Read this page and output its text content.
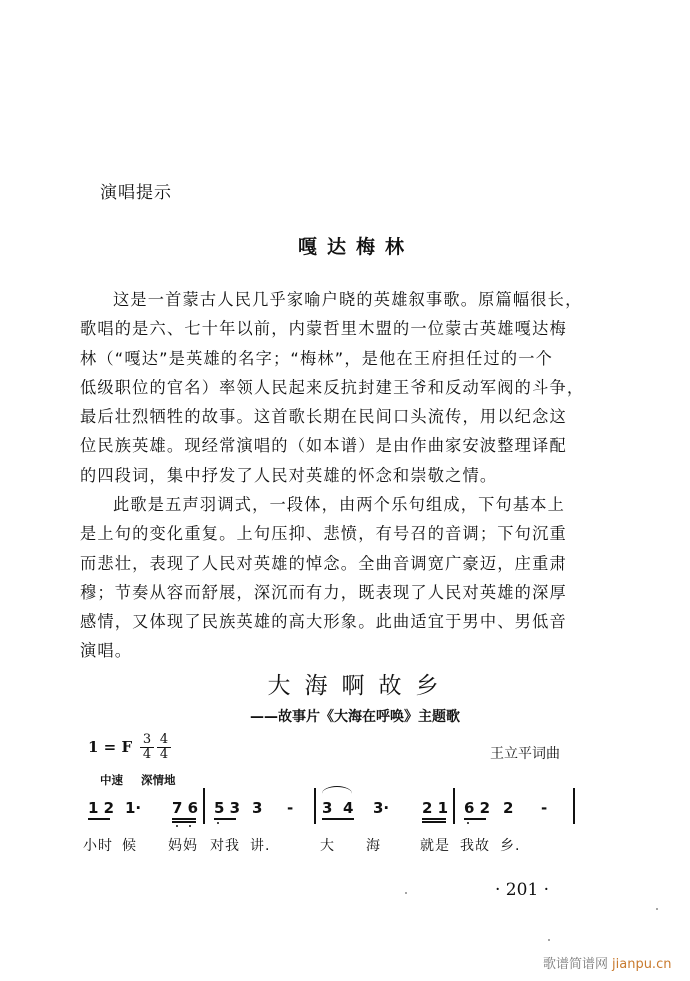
演唱提示
嘎达梅林
这是一首蒙古人民几乎家喻户晓的英雄叙事歌。原篇幅很长，
歌唱的是六、七十年以前，内蒙哲里木盟的一位蒙古英雄嘎达梅
林（“嘎达”是英雄的名字；“梅林”，是他在王府担任过的一个
低级职位的官名）率领人民起来反抗封建王爷和反动军阀的斗争，
最后壮烈牺牲的故事。这首歌长期在民间口头流传，用以纪念这
位民族英雄。现经常演唱的（如本谱）是由作曲家安波整理译配
的四段词，集中抒发了人民对英雄的怀念和崇敬之情。
此歌是五声羽调式，一段体，由两个乐句组成，下句基本上
是上句的变化重复。上句压抑、悲愤，有号召的音调；下句沉重
而悲壮，表现了人民对英雄的悼念。全曲音调宽广豪迈，庄重肃
穆；节奏从容而舒展，深沉而有力，既表现了人民对英雄的深厚
感情，又体现了民族英雄的高大形象。此曲适宜于男中、男低音
演唱。
大海啊故乡
——故事片《大海在呼唤》主题歌
1 = F $\frac{3}{4} \frac{4}{4}$
中速 深情地
王立平词曲
1 2 1· 7 6 5 3 3 - 3 4 3· 2 1 6 2 2 -
小时 候 妈妈 对我 讲.	大 海	就是 我故 乡.
· 201 ·
歌谱简谱网 jianpu.cn
